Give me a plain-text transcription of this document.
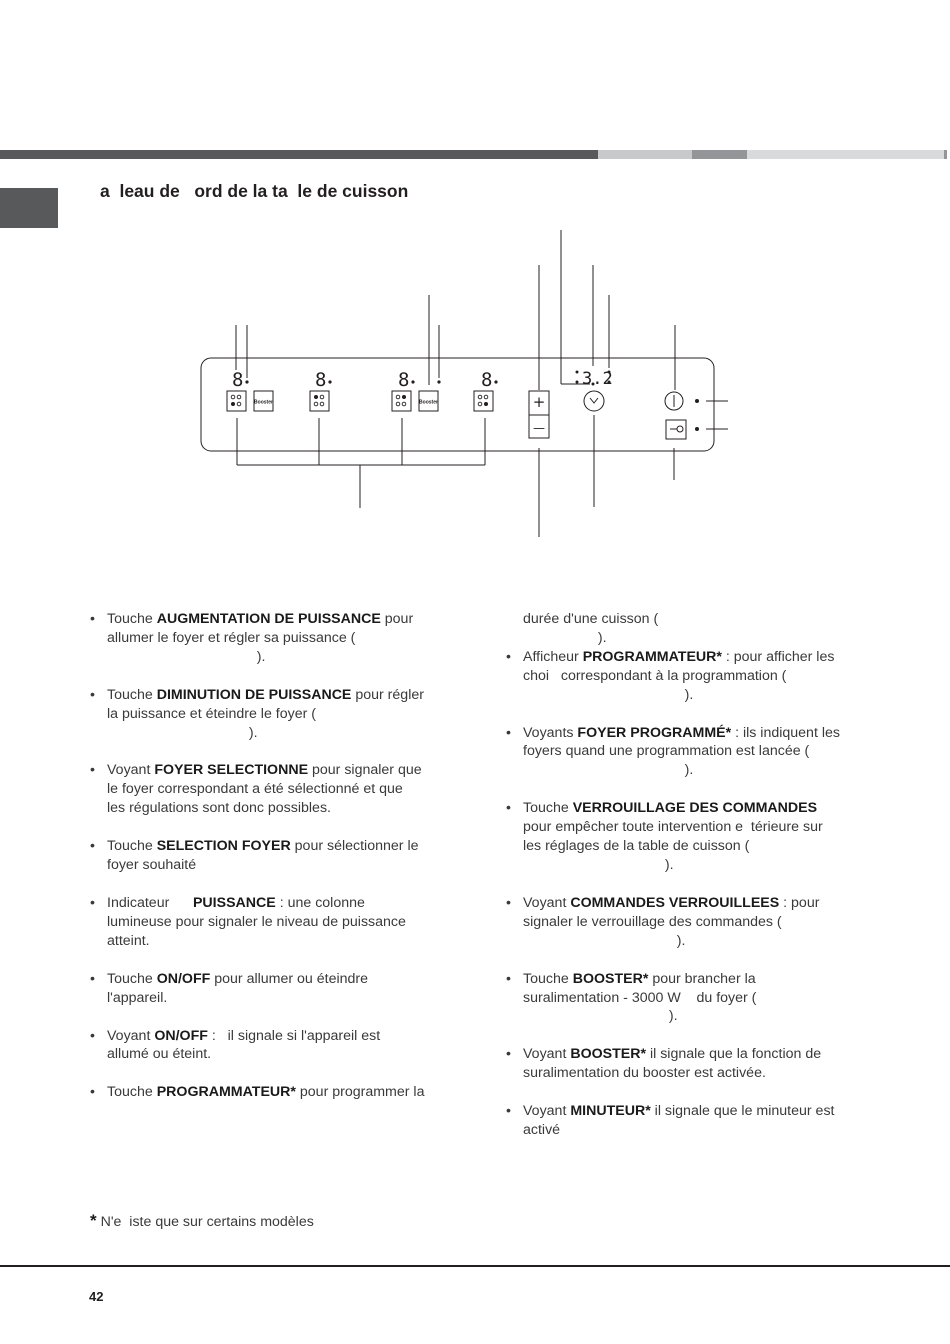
a  leau de   ord de la ta  le de cuisson
Booster	Booster
8	8	8	8	3.2
+
—
• Touche AUGMENTATION DE PUISSANCE pour
allumer le foyer et régler sa puissance (
).
• Touche DIMINUTION DE PUISSANCE pour régler
la puissance et éteindre le foyer (
).
• Voyant FOYER SELECTIONNE pour signaler que
le foyer correspondant a été sélectionné et que
les régulations sont donc possibles.
• Touche SELECTION FOYER pour sélectionner le
foyer souhaité
• Indicateur      PUISSANCE : une colonne
lumineuse pour signaler le niveau de puissance
atteint.
• Touche ON/OFF pour allumer ou éteindre
l'appareil.
• Voyant ON/OFF :   il signale si l'appareil est
allumé ou éteint.
• Touche PROGRAMMATEUR* pour programmer la
durée d'une cuisson (
).
• Afficheur PROGRAMMATEUR* : pour afficher les
choi   correspondant à la programmation (
).
• Voyants FOYER PROGRAMMÉ* : ils indiquent les
foyers quand une programmation est lancée (
).
• Touche VERROUILLAGE DES COMMANDES
pour empêcher toute intervention e  térieure sur
les réglages de la table de cuisson (
).
• Voyant COMMANDES VERROUILLEES : pour
signaler le verrouillage des commandes (
).
• Touche BOOSTER* pour brancher la
suralimentation - 3000 W    du foyer (
).
• Voyant BOOSTER* il signale que la fonction de
suralimentation du booster est activée.
• Voyant MINUTEUR* il signale que le minuteur est
activé
* N'e  iste que sur certains modèles
42
